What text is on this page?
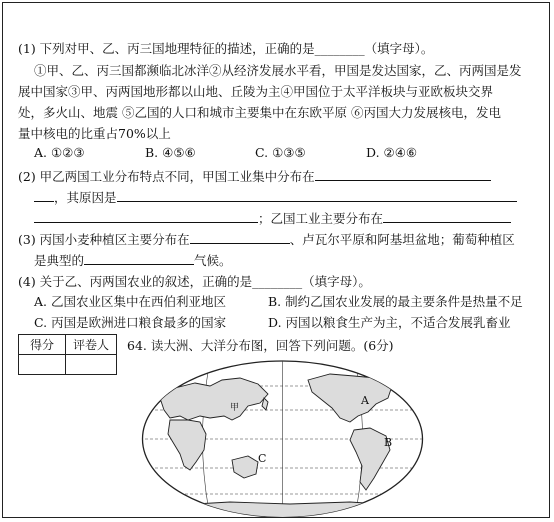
(1) 下列对甲、乙、丙三国地理特征的描述，正确的是________（填字母）。
①甲、乙、丙三国都濒临北冰洋②从经济发展水平看，甲国是发达国家，乙、丙两国是发
展中国家③甲、丙两国地形都以山地、丘陵为主④甲国位于太平洋板块与亚欧板块交界
处，多火山、地震 ⑤乙国的人口和城市主要集中在东欧平原 ⑥丙国大力发展核电，发电
量中核电的比重占70%以上
A. ①②③	B. ④⑤⑥	C. ①③⑤	D. ②④⑥
(2) 甲乙两国工业分布特点不同，甲国工业集中分布在
，其原因是
；乙国工业主要分布在
(3) 丙国小麦种植区主要分布在	、卢瓦尔平原和阿基坦盆地；葡萄种植区
是典型的	气候。
(4) 关于乙、丙两国农业的叙述，正确的是________（填字母）。
A. 乙国农业区集中在西伯利亚地区	B. 制约乙国农业发展的最主要条件是热量不足
得分	评卷人
	64. 读大洲、大洋分布图，回答下列问题。(6分)
A
B
C
甲
C. 丙国是欧洲进口粮食最多的国家	D. 丙国以粮食生产为主，不适合发展乳畜业
